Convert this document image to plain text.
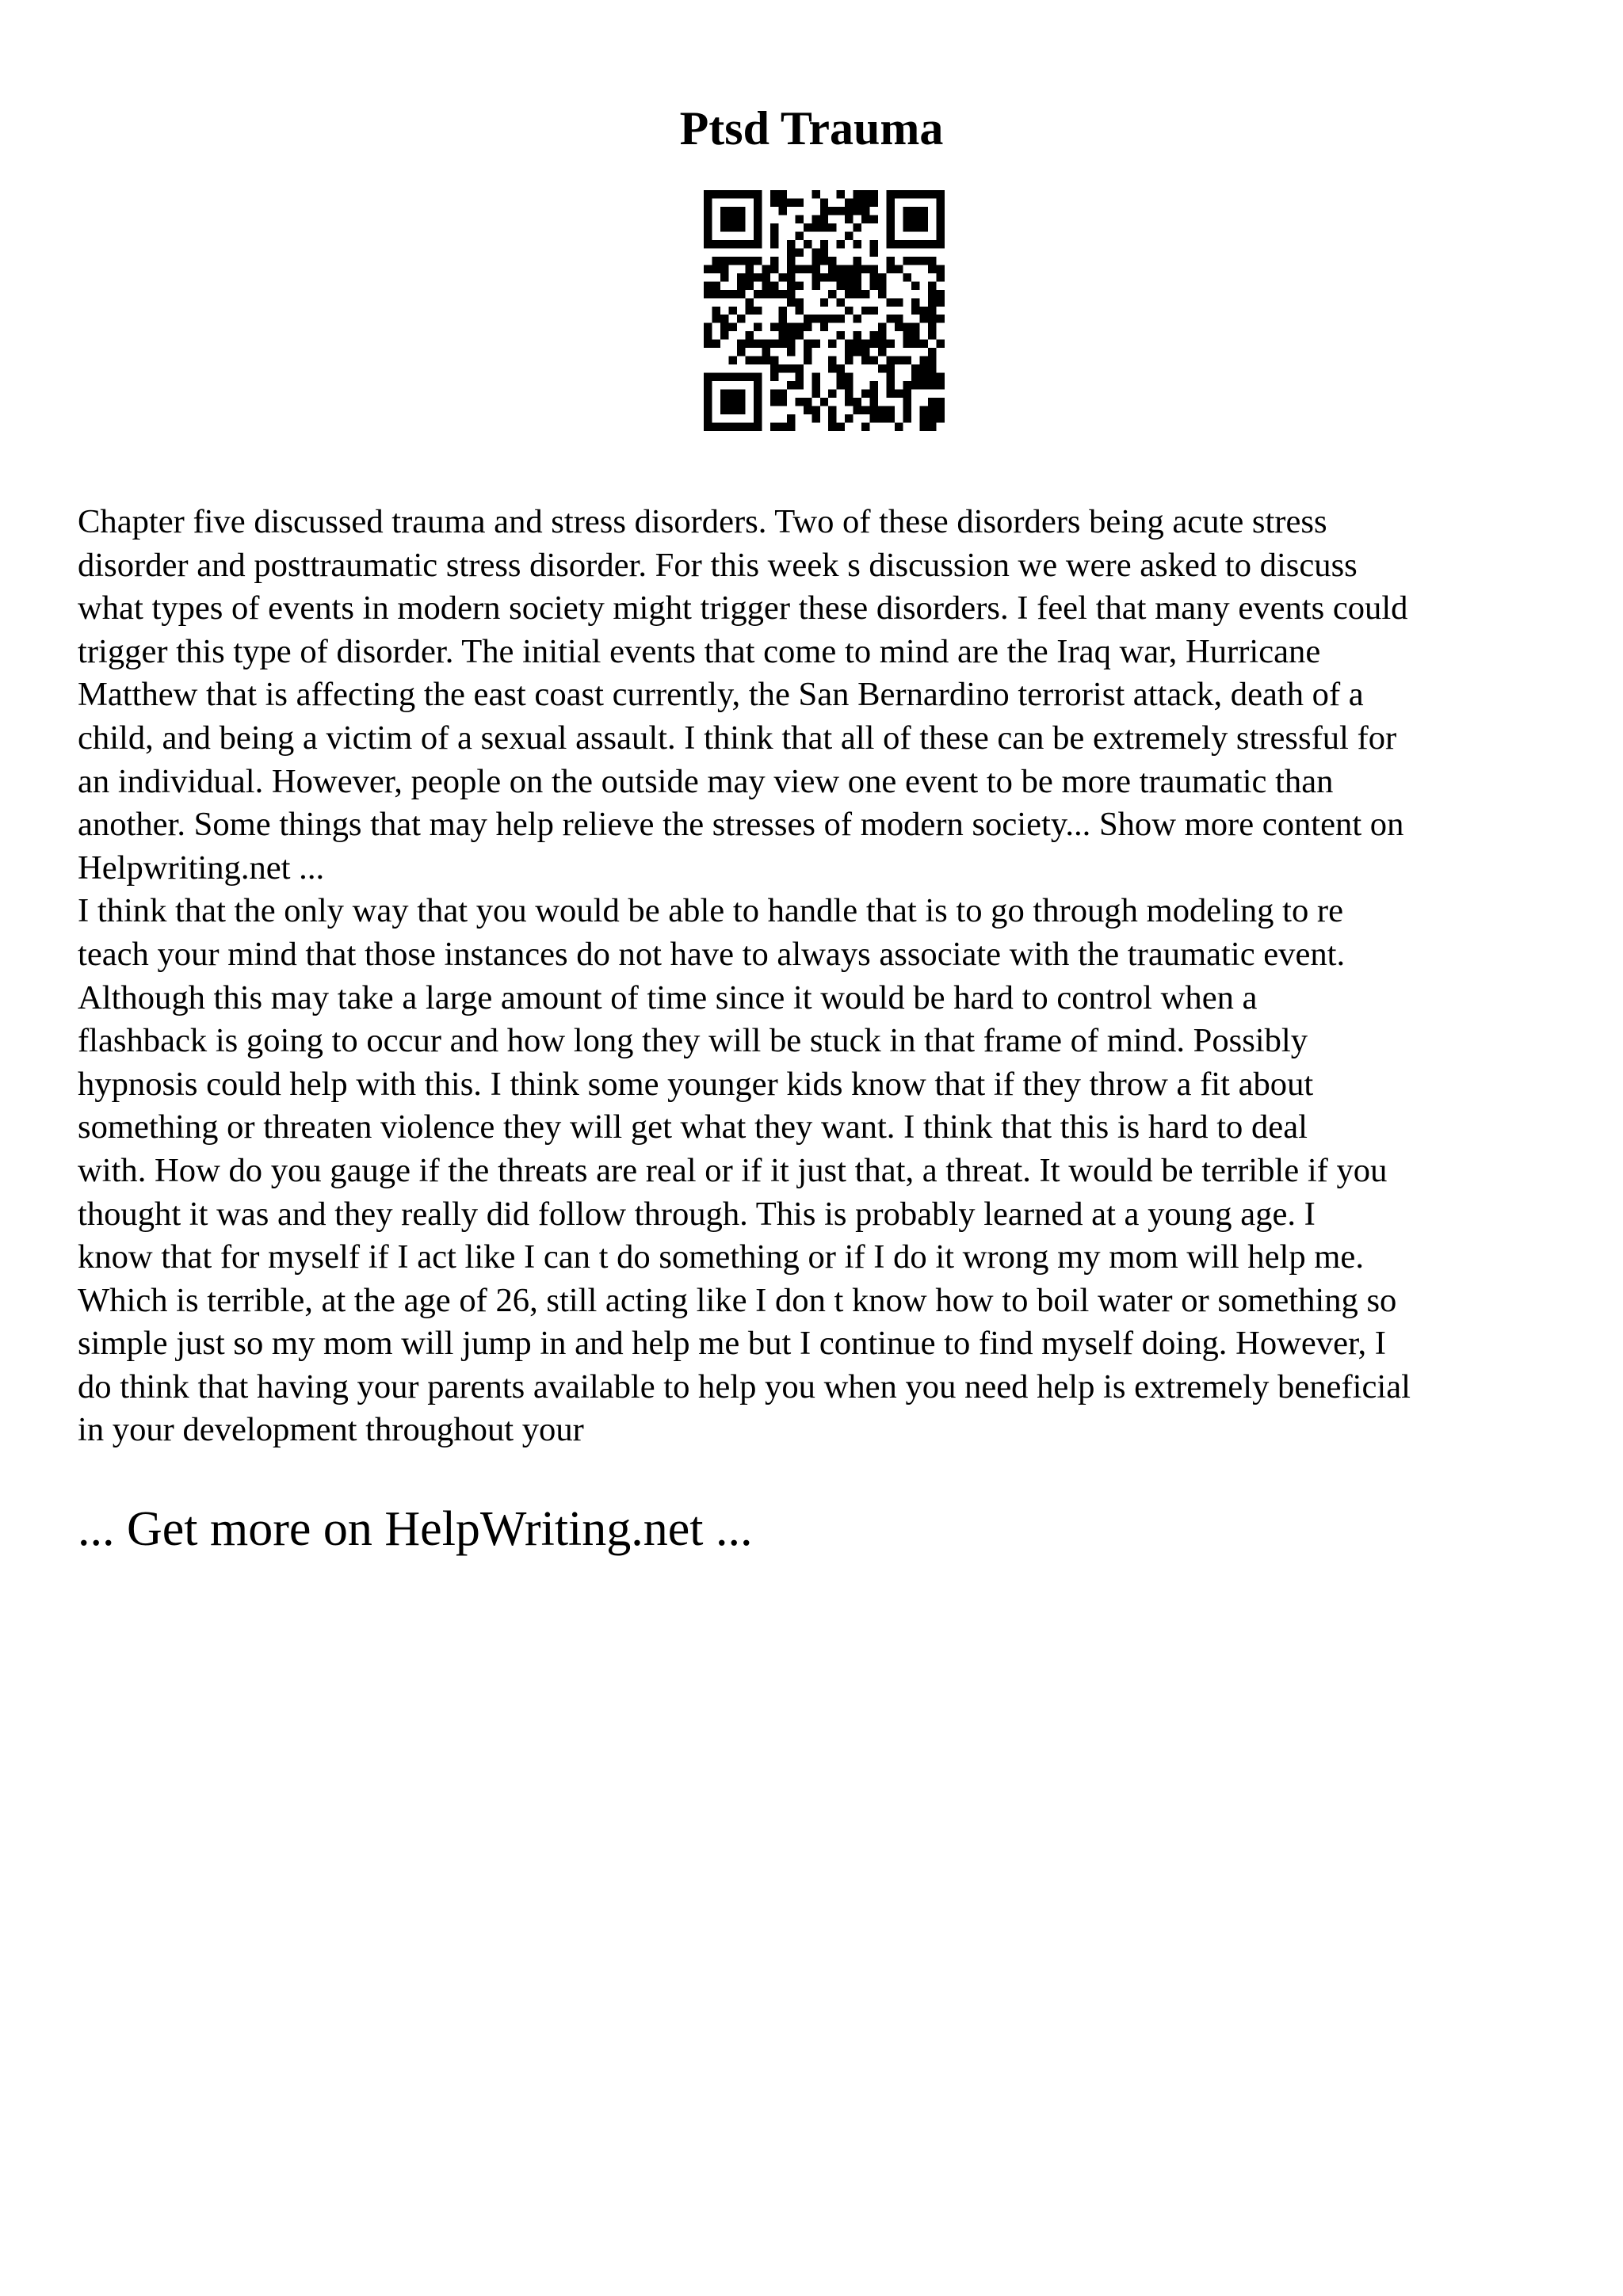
Ptsd Trauma
Chapter five discussed trauma and stress disorders. Two of these disorders being acute stress
disorder and posttraumatic stress disorder. For this week s discussion we were asked to discuss
what types of events in modern society might trigger these disorders. I feel that many events could
trigger this type of disorder. The initial events that come to mind are the Iraq war, Hurricane
Matthew that is affecting the east coast currently, the San Bernardino terrorist attack, death of a
child, and being a victim of a sexual assault. I think that all of these can be extremely stressful for
an individual. However, people on the outside may view one event to be more traumatic than
another. Some things that may help relieve the stresses of modern society... Show more content on
Helpwriting.net ...
I think that the only way that you would be able to handle that is to go through modeling to re
teach your mind that those instances do not have to always associate with the traumatic event.
Although this may take a large amount of time since it would be hard to control when a
flashback is going to occur and how long they will be stuck in that frame of mind. Possibly
hypnosis could help with this. I think some younger kids know that if they throw a fit about
something or threaten violence they will get what they want. I think that this is hard to deal
with. How do you gauge if the threats are real or if it just that, a threat. It would be terrible if you
thought it was and they really did follow through. This is probably learned at a young age. I
know that for myself if I act like I can t do something or if I do it wrong my mom will help me.
Which is terrible, at the age of 26, still acting like I don t know how to boil water or something so
simple just so my mom will jump in and help me but I continue to find myself doing. However, I
do think that having your parents available to help you when you need help is extremely beneficial
in your development throughout your

... Get more on HelpWriting.net ...
